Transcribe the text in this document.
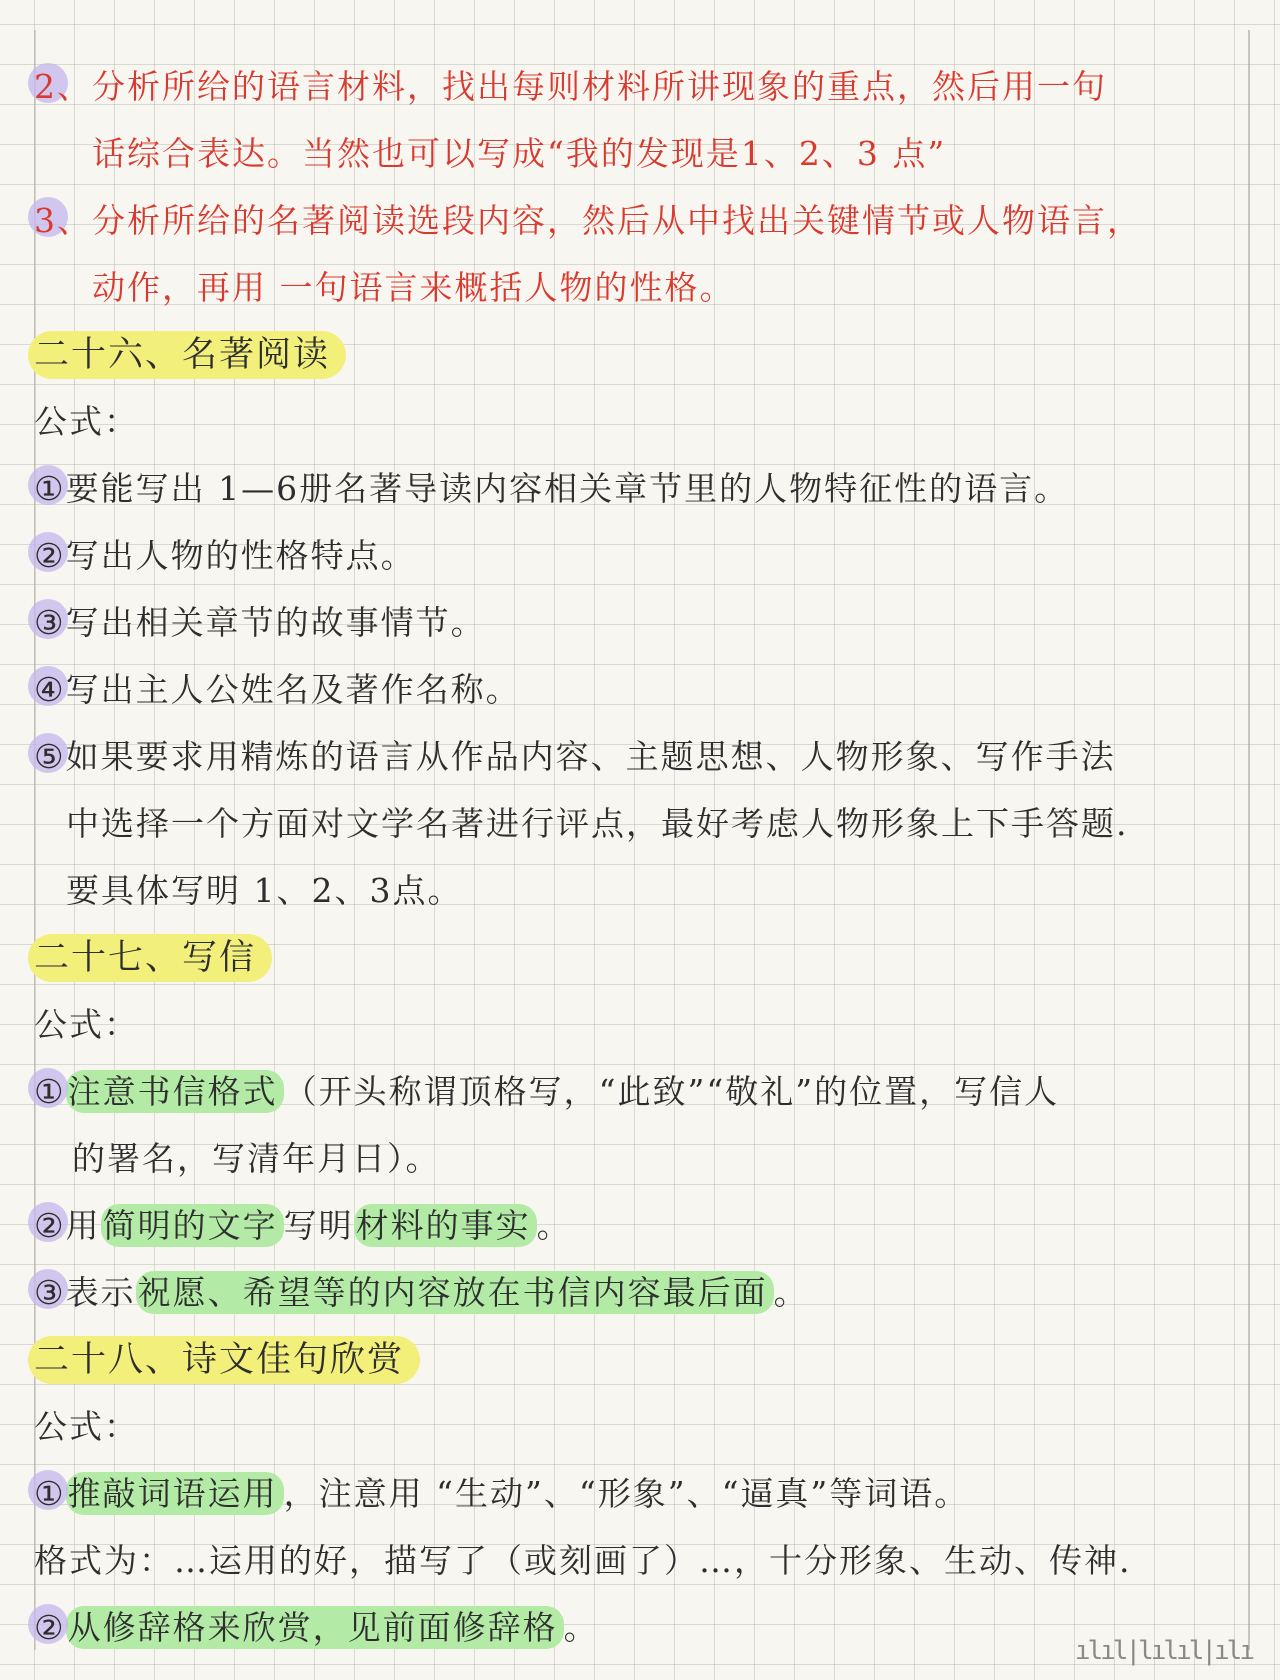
2、分析所给的语言材料，找出每则材料所讲现象的重点，然后用一句

话综合表达。当然也可以写成“我的发现是1、2、3 点”

3、分析所给的名著阅读选段内容，然后从中找出关键情节或人物语言，

动作，再用 一句语言来概括人物的性格。

二十六、名著阅读

公式：

①要能写出 1—6册名著导读内容相关章节里的人物特征性的语言。

②写出人物的性格特点。

③写出相关章节的故事情节。

④写出主人公姓名及著作名称。

⑤如果要求用精炼的语言从作品内容、主题思想、人物形象、写作手法

中选择一个方面对文学名著进行评点，最好考虑人物形象上下手答题.

要具体写明 1、2、3点。

二十七、写信

公式：

①注意书信格式 （开头称谓顶格写，“此致”“敬礼”的位置，写信人

的署名，写清年月日）。

②用简明的文字 写明材料的事实 。

③表示祝愿、希望等的内容放在书信内容最后面 。

二十八、诗文佳句欣赏

公式：

①推敲词语运用 ，注意用 “生动”、“形象”、“逼真”等词语。

格式为：…运用的好，描写了（或刻画了）…，十分形象、生动、传神.

②从修辞格来欣赏，见前面修辞格 。

ılıl|lılıl|ılı
